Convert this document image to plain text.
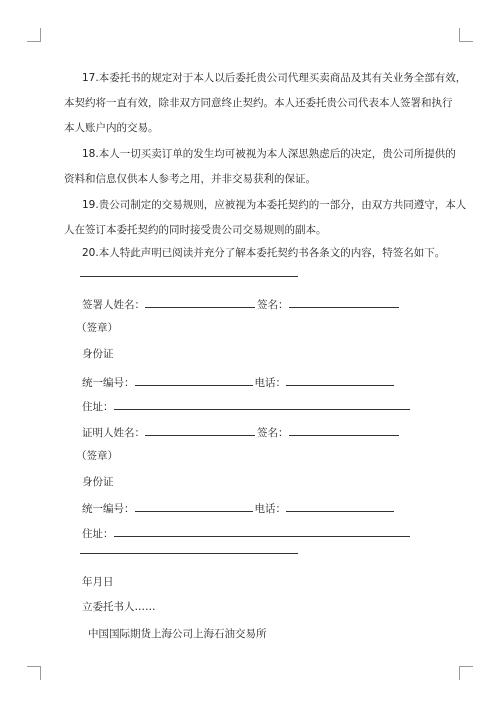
17.本委托书的规定对于本人以后委托贵公司代理买卖商品及其有关业务全部有效，
本契约将一直有效，除非双方同意终止契约。本人还委托贵公司代表本人签署和执行
本人账户内的交易。
18.本人一切买卖订单的发生均可被视为本人深思熟虑后的决定，贵公司所提供的
资料和信息仅供本人参考之用，并非交易获利的保证。
19.贵公司制定的交易规则，应被视为本委托契约的一部分，由双方共同遵守，本人
人在签订本委托契约的同时接受贵公司交易规则的副本。
20.本人特此声明已阅读并充分了解本委托契约书各条文的内容，特签名如下。
签署人姓名：	签名：
（签章）
身份证
统一编号：	电话：
住址：
证明人姓名：	签名：
（签章）
身份证
统一编号：	电话：
住址：
年月日
立委托书人……
中国国际期货上海公司上海石油交易所
